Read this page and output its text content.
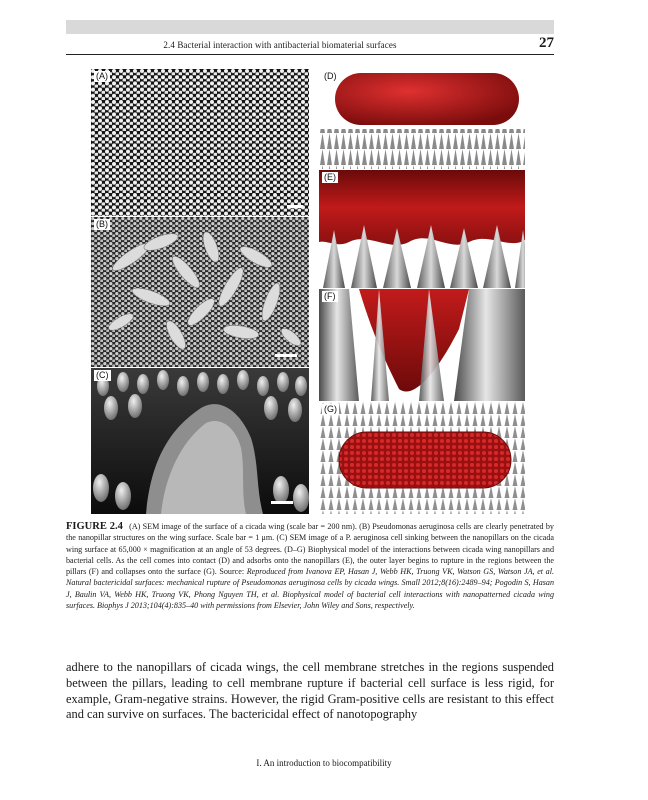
2.4 Bacterial interaction with antibacterial biomaterial surfaces	27
(A)
(B)
(C)
(D)
(E)
(F)
(G)
FIGURE 2.4 (A) SEM image of the surface of a cicada wing (scale bar = 200 nm). (B) Pseudomonas aeruginosa cells are clearly penetrated by the nanopillar structures on the wing surface. Scale bar = 1 μm. (C) SEM image of a P. aeruginosa cell sinking between the nanopillars on the cicada wing surface at 65,000 × magnification at an angle of 53 degrees. (D–G) Biophysical model of the interactions between cicada wing nanopillars and bacterial cells. As the cell comes into contact (D) and adsorbs onto the nanopillars (E), the outer layer begins to rupture in the regions between the pillars (F) and collapses onto the surface (G). Source: Reproduced from Ivanova EP, Hasan J, Webb HK, Truong VK, Watson GS, Watson JA, et al. Natural bactericidal surfaces: mechanical rupture of Pseudomonas aeruginosa cells by cicada wings. Small 2012;8(16):2489–94; Pogodin S, Hasan J, Baulin VA, Webb HK, Truong VK, Phong Nguyen TH, et al. Biophysical model of bacterial cell interactions with nanopatterned cicada wing surfaces. Biophys J 2013;104(4):835–40 with permissions from Elsevier, John Wiley and Sons, respectively.
adhere to the nanopillars of cicada wings, the cell membrane stretches in the regions suspended between the pillars, leading to cell membrane rupture if bacterial cell surface is less rigid, for example, Gram-negative strains. However, the rigid Gram-positive cells are resistant to this effect and can survive on surfaces. The bactericidal effect of nanotopography
I. An introduction to biocompatibility
